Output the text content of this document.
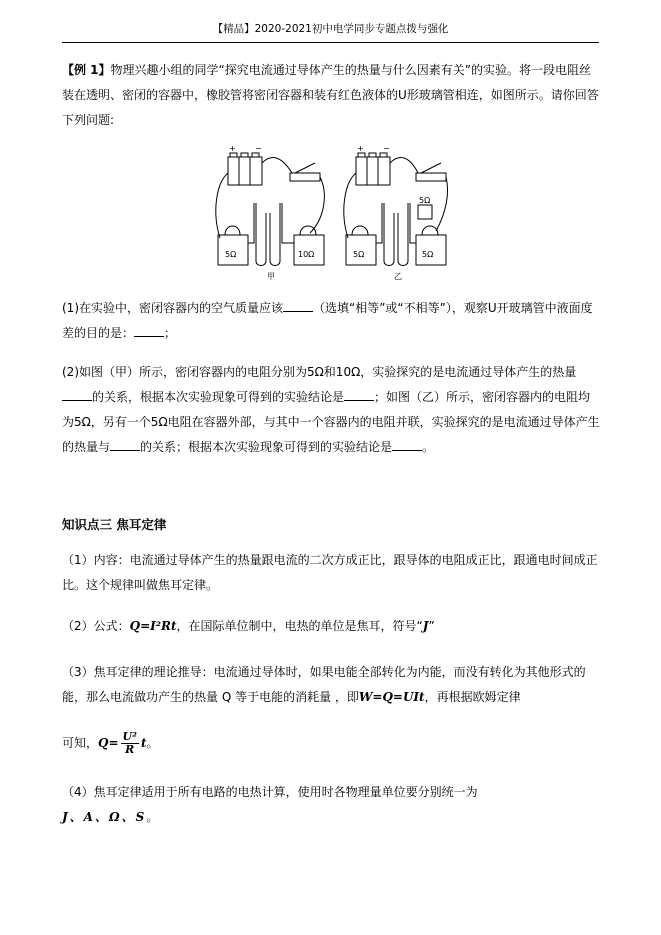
【精品】2020-2021初中电学同步专题点拨与强化
【例 1】物理兴趣小组的同学“探究电流通过导体产生的热量与什么因素有关”的实验。将一段电阻丝装在透明、密闭的容器中，橡胶管将密闭容器和装有红色液体的U形玻璃管相连，如图所示。请你回答下列问题:
+ −	+ −
5Ω	10Ω	5Ω	5Ω
5Ω
甲	乙
(1)在实验中，密闭容器内的空气质量应该	（选填“相等”或“不相等”），观察U开玻璃管中液面度差的目的是：	；
(2)如图（甲）所示，密闭容器内的电阻分别为5Ω和10Ω，实验探究的是电流通过导体产生的热量的关系，根据本次实验现象可得到的实验结论是	；如图（乙）所示，密闭容器内的电阻均为5Ω，另有一个5Ω电阻在容器外部，与其中一个容器内的电阻并联，实验探究的是电流通过导体产生的热量与	的关系；根据本次实验现象可得到的实验结论是	。
知识点三 焦耳定律
（1）内容：电流通过导体产生的热量跟电流的二次方成正比，跟导体的电阻成正比，跟通电时间成正比。这个规律叫做焦耳定律。
（2）公式：Q=I²Rt，在国际单位制中，电热的单位是焦耳，符号“J”
（3）焦耳定律的理论推导：电流通过导体时，如果电能全部转化为内能，而没有转化为其他形式的能，那么电流做功产生的热量 Q 等于电能的消耗量 ，即W=Q=UIt，再根据欧姆定律
可知，$Q= \frac{\text{U²}}{R}$ t。
（4）焦耳定律适用于所有电路的电热计算，使用时各物理量单位要分别统一为
J、A、Ω、S。
